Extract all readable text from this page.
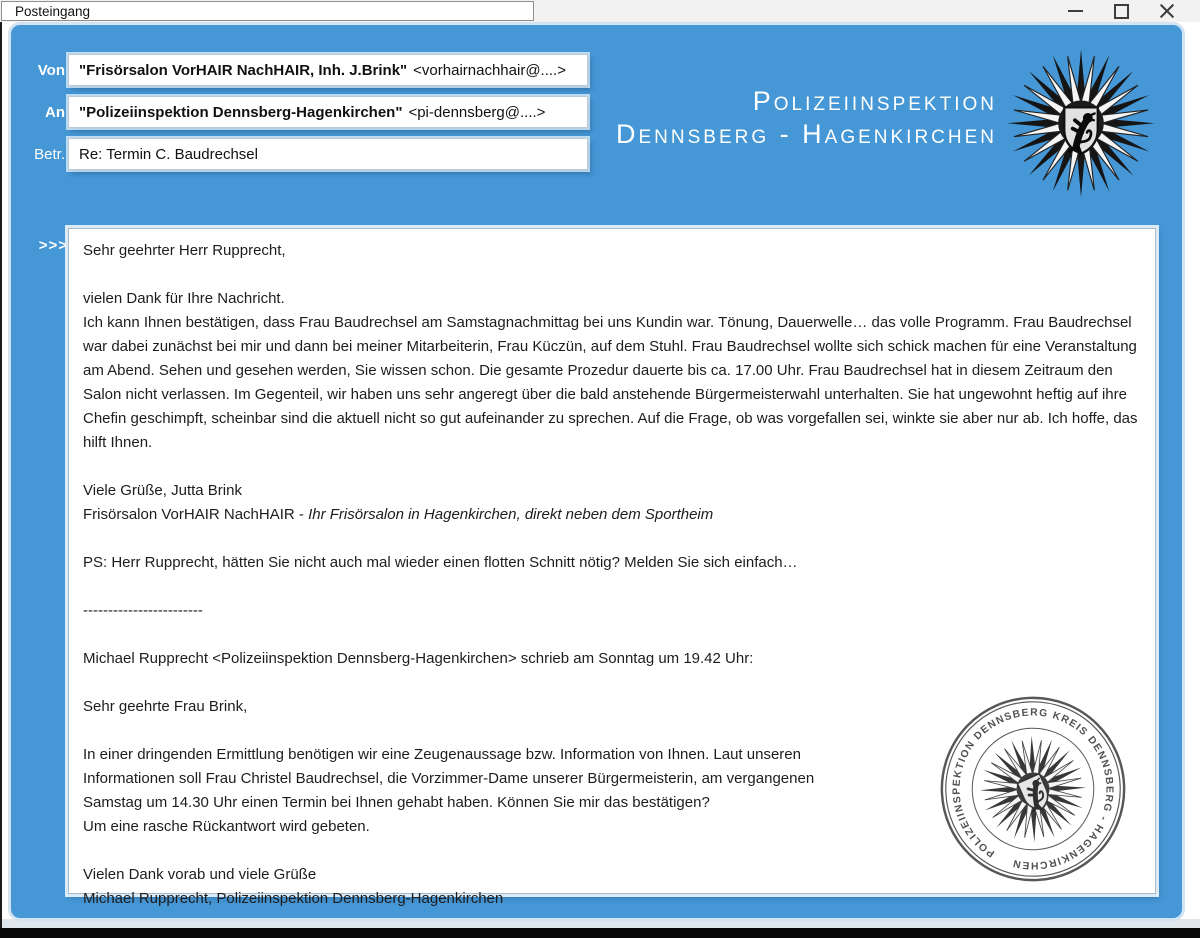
Posteingang
Von "Frisörsalon VorHAIR NachHAIR, Inh. J.Brink" <vorhairnachhair@....>
An "Polizeiinspektion Dennsberg-Hagenkirchen" <pi-dennsberg@....>
Betr. Re: Termin C. Baudrechsel
Polizeiinspektion
Dennsberg - Hagenkirchen
>>> Sehr geehrter Herr Rupprecht,
vielen Dank für Ihre Nachricht.
Ich kann Ihnen bestätigen, dass Frau Baudrechsel am Samstagnachmittag bei uns Kundin war. Tönung, Dauerwelle… das volle Programm. Frau Baudrechsel war dabei zunächst bei mir und dann bei meiner Mitarbeiterin, Frau Küczün, auf dem Stuhl. Frau Baudrechsel wollte sich schick machen für eine Veranstaltung am Abend. Sehen und gesehen werden, Sie wissen schon. Die gesamte Prozedur dauerte bis ca. 17.00 Uhr. Frau Baudrechsel hat in diesem Zeitraum den Salon nicht verlassen. Im Gegenteil, wir haben uns sehr angeregt über die bald anstehende Bürgermeisterwahl unterhalten. Sie hat ungewohnt heftig auf ihre Chefin geschimpft, scheinbar sind die aktuell nicht so gut aufeinander zu sprechen. Auf die Frage, ob was vorgefallen sei, winkte sie aber nur ab. Ich hoffe, das hilft Ihnen.
Viele Grüße, Jutta Brink
Frisörsalon VorHAIR NachHAIR - Ihr Frisörsalon in Hagenkirchen, direkt neben dem Sportheim
PS: Herr Rupprecht, hätten Sie nicht auch mal wieder einen flotten Schnitt nötig? Melden Sie sich einfach…
------------------------
Michael Rupprecht <Polizeiinspektion Dennsberg-Hagenkirchen> schrieb am Sonntag um 19.42 Uhr:
Sehr geehrte Frau Brink,
In einer dringenden Ermittlung benötigen wir eine Zeugenaussage bzw. Information von Ihnen. Laut unseren Informationen soll Frau Christel Baudrechsel, die Vorzimmer-Dame unserer Bürgermeisterin, am vergangenen Samstag um 14.30 Uhr einen Termin bei Ihnen gehabt haben. Können Sie mir das bestätigen?
Um eine rasche Rückantwort wird gebeten.
Vielen Dank vorab und viele Grüße
Michael Rupprecht, Polizeiinspektion Dennsberg-Hagenkirchen
POLIZEIINSPEKTION DENNSBERG KREIS DENNSBERG - HAGENKIRCHEN
